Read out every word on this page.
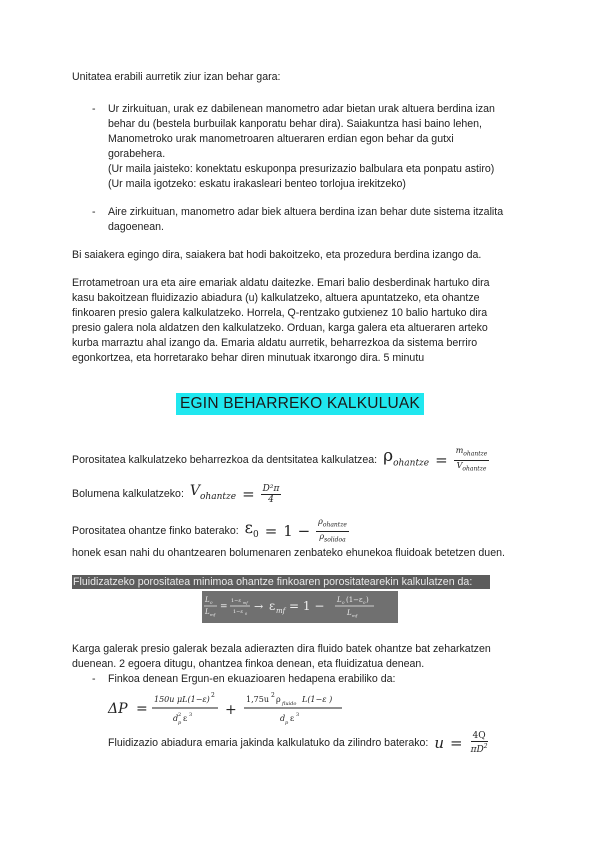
Unitatea erabili aurretik ziur izan behar gara:
- Ur zirkuituan, urak ez dabilenean manometro adar bietan urak altuera berdina izan
behar du (bestela burbuilak kanporatu behar dira). Saiakuntza hasi baino lehen,
Manometroko urak manometroaren altueraren erdian egon behar da gutxi
gorabehera.
(Ur maila jaisteko: konektatu eskuponpa presurizazio balbulara eta ponpatu astiro)
(Ur maila igotzeko: eskatu irakasleari benteo torlojua irekitzeko)
- Aire zirkuituan, manometro adar biek altuera berdina izan behar dute sistema itzalita
dagoenean.
Bi saiakera egingo dira, saiakera bat hodi bakoitzeko, eta prozedura berdina izango da.
Errotametroan ura eta aire emariak aldatu daitezke. Emari balio desberdinak hartuko dira
kasu bakoitzean fluidizazio abiadura (u) kalkulatzeko, altuera apuntatzeko, eta ohantze
finkoaren presio galera kalkulatzeko. Horrela, Q-rentzako gutxienez 10 balio hartuko dira
presio galera nola aldatzen den kalkulatzeko. Orduan, karga galera eta altueraren arteko
kurba marraztu ahal izango da. Emaria aldatu aurretik, beharrezkoa da sistema berriro
egonkortzea, eta horretarako behar diren minutuak itxarongo dira. 5 minutu
EGIN BEHARREKO KALKULUAK
Porositatea kalkulatzeko beharrezkoa da dentsitatea kalkulatzea: $\rho_{ohantze} = \frac{m_{ohantze}}{V_{ohantze}}$
Bolumena kalkulatzeko: $V_{ohantze} = \frac{\text{D²π}}{4}$
Porositatea ohantze finko baterako: $\varepsilon_0 = 1 - \frac{\rho_{ohantze}}{\rho_{solidoa}}$
honek esan nahi du ohantzearen bolumenaren zenbateko ehunekoa fluidoak betetzen duen.
Fluidizatzeko porositatea minimoa ohantze finkoaren porositatearekin kalkulatzen da:
L 0
L mf
=
1−ε mf
1−ε 0
→ ε mf = 1 − L 0 (1−ε 0 )
L mf
Karga galerak presio galerak bezala adierazten dira fluido batek ohantze bat zeharkatzen
duenean. 2 egoera ditugu, ohantzea finkoa denean, eta fluidizatua denean.
- Finkoa denean Ergun-en ekuazioaren hedapena erabiliko da:
ΔP =
150u μL(1−ε) 2
d p
2 ε 3 +
1,75u 2 ρ fluido L(1−ε )
d p ε 3
Fluidizazio abiadura emaria jakinda kalkulatuko da zilindro baterako: $u = \frac{4Q}{\pi D^2}$
